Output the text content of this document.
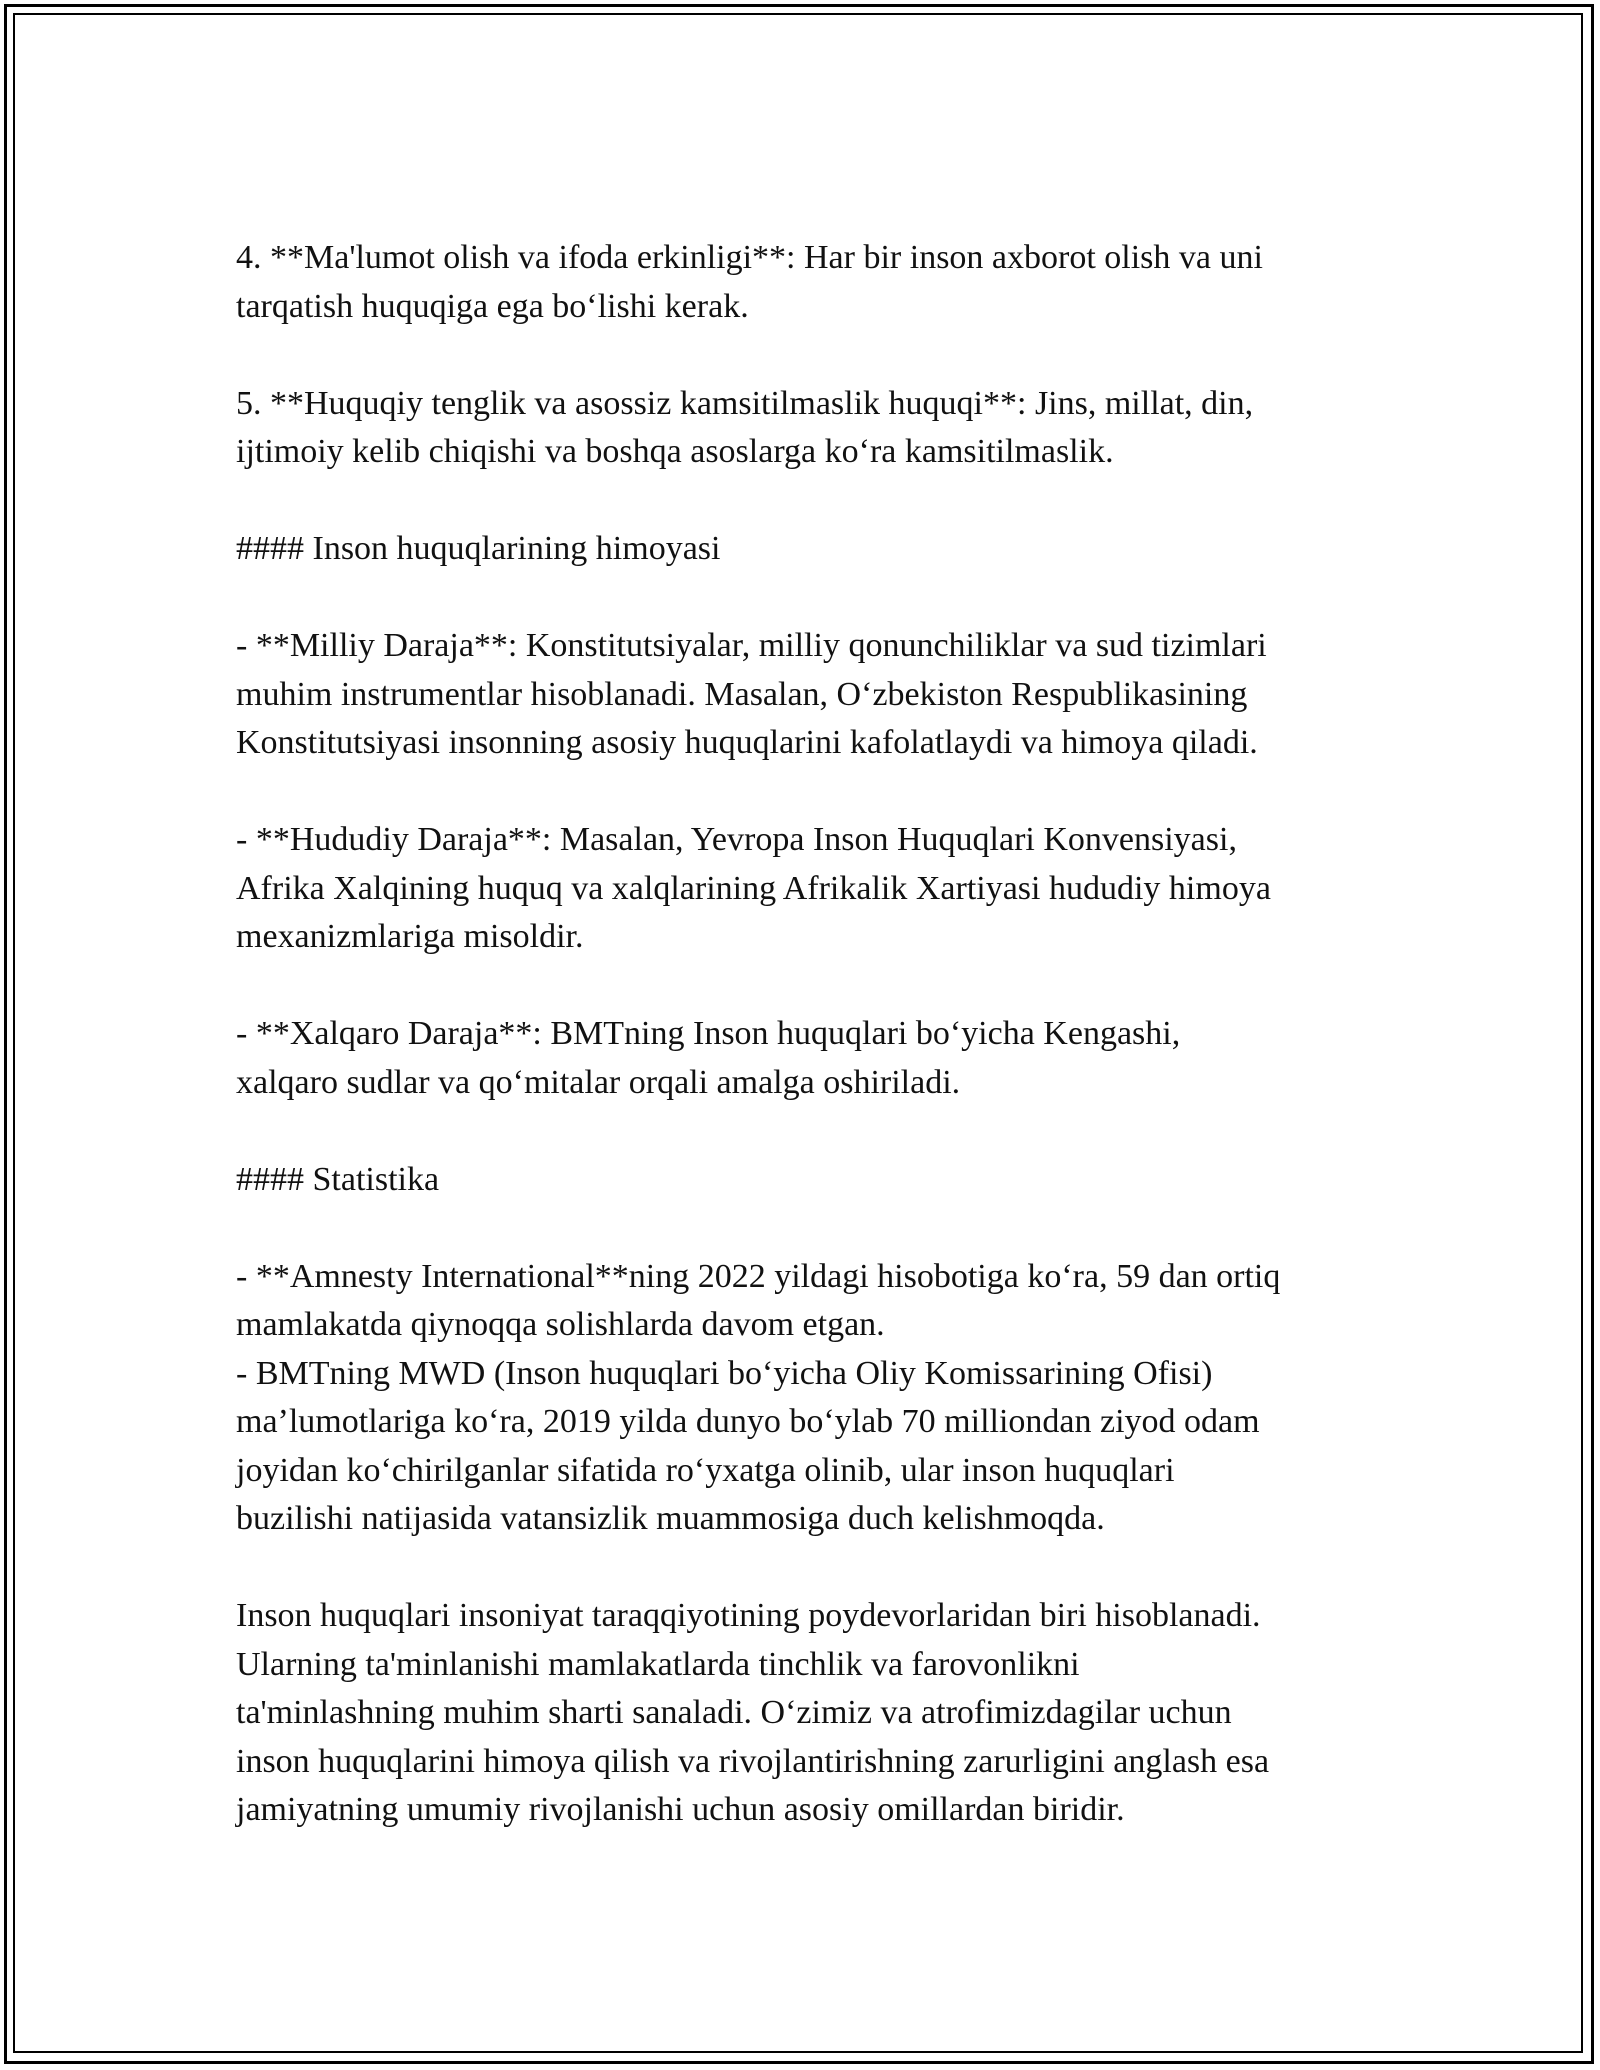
4. **Ma'lumot olish va ifoda erkinligi**: Har bir inson axborot olish va uni

tarqatish huquqiga ega bo‘lishi kerak.

5. **Huquqiy tenglik va asossiz kamsitilmaslik huquqi**: Jins, millat, din,

ijtimoiy kelib chiqishi va boshqa asoslarga ko‘ra kamsitilmaslik.

#### Inson huquqlarining himoyasi

- **Milliy Daraja**: Konstitutsiyalar, milliy qonunchiliklar va sud tizimlari

muhim instrumentlar hisoblanadi. Masalan, O‘zbekiston Respublikasining

Konstitutsiyasi insonning asosiy huquqlarini kafolatlaydi va himoya qiladi.

- **Hududiy Daraja**: Masalan, Yevropa Inson Huquqlari Konvensiyasi,

Afrika Xalqining huquq va xalqlarining Afrikalik Xartiyasi hududiy himoya

mexanizmlariga misoldir.

- **Xalqaro Daraja**: BMTning Inson huquqlari bo‘yicha Kengashi,

xalqaro sudlar va qo‘mitalar orqali amalga oshiriladi.

#### Statistika

- **Amnesty International**ning 2022 yildagi hisobotiga ko‘ra, 59 dan ortiq

mamlakatda qiynoqqa solishlarda davom etgan.

- BMTning MWD (Inson huquqlari bo‘yicha Oliy Komissarining Ofisi)

ma’lumotlariga ko‘ra, 2019 yilda dunyo bo‘ylab 70 milliondan ziyod odam

joyidan ko‘chirilganlar sifatida ro‘yxatga olinib, ular inson huquqlari

buzilishi natijasida vatansizlik muammosiga duch kelishmoqda.

Inson huquqlari insoniyat taraqqiyotining poydevorlaridan biri hisoblanadi.

Ularning ta'minlanishi mamlakatlarda tinchlik va farovonlikni

ta'minlashning muhim sharti sanaladi. O‘zimiz va atrofimizdagilar uchun

inson huquqlarini himoya qilish va rivojlantirishning zarurligini anglash esa

jamiyatning umumiy rivojlanishi uchun asosiy omillardan biridir.
